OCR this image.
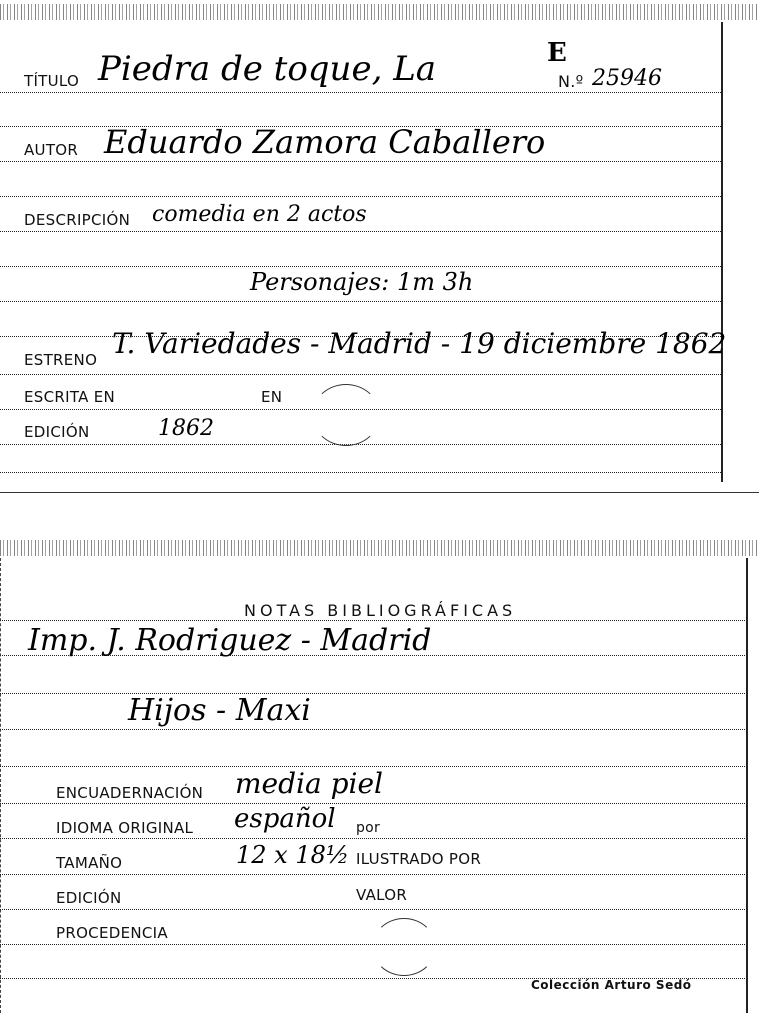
E
TÍTULO Piedra de toque, La	N.º 25946
AUTOR Eduardo Zamora Caballero
DESCRIPCIÓN comedia en 2 actos
Personajes: 1m 3h
ESTRENO T. Variedades - Madrid - 19 diciembre 1862
ESCRITA EN	EN
EDICIÓN	1862
NOTAS BIBLIOGRÁFICAS
Imp. J. Rodriguez - Madrid
Hijos - Maxi
ENCUADERNACIÓN media piel
IDIOMA ORIGINAL español por
TAMAÑO	12 x 18½ ILUSTRADO POR
EDICIÓN	VALOR
PROCEDENCIA
Colección Arturo Sedó
